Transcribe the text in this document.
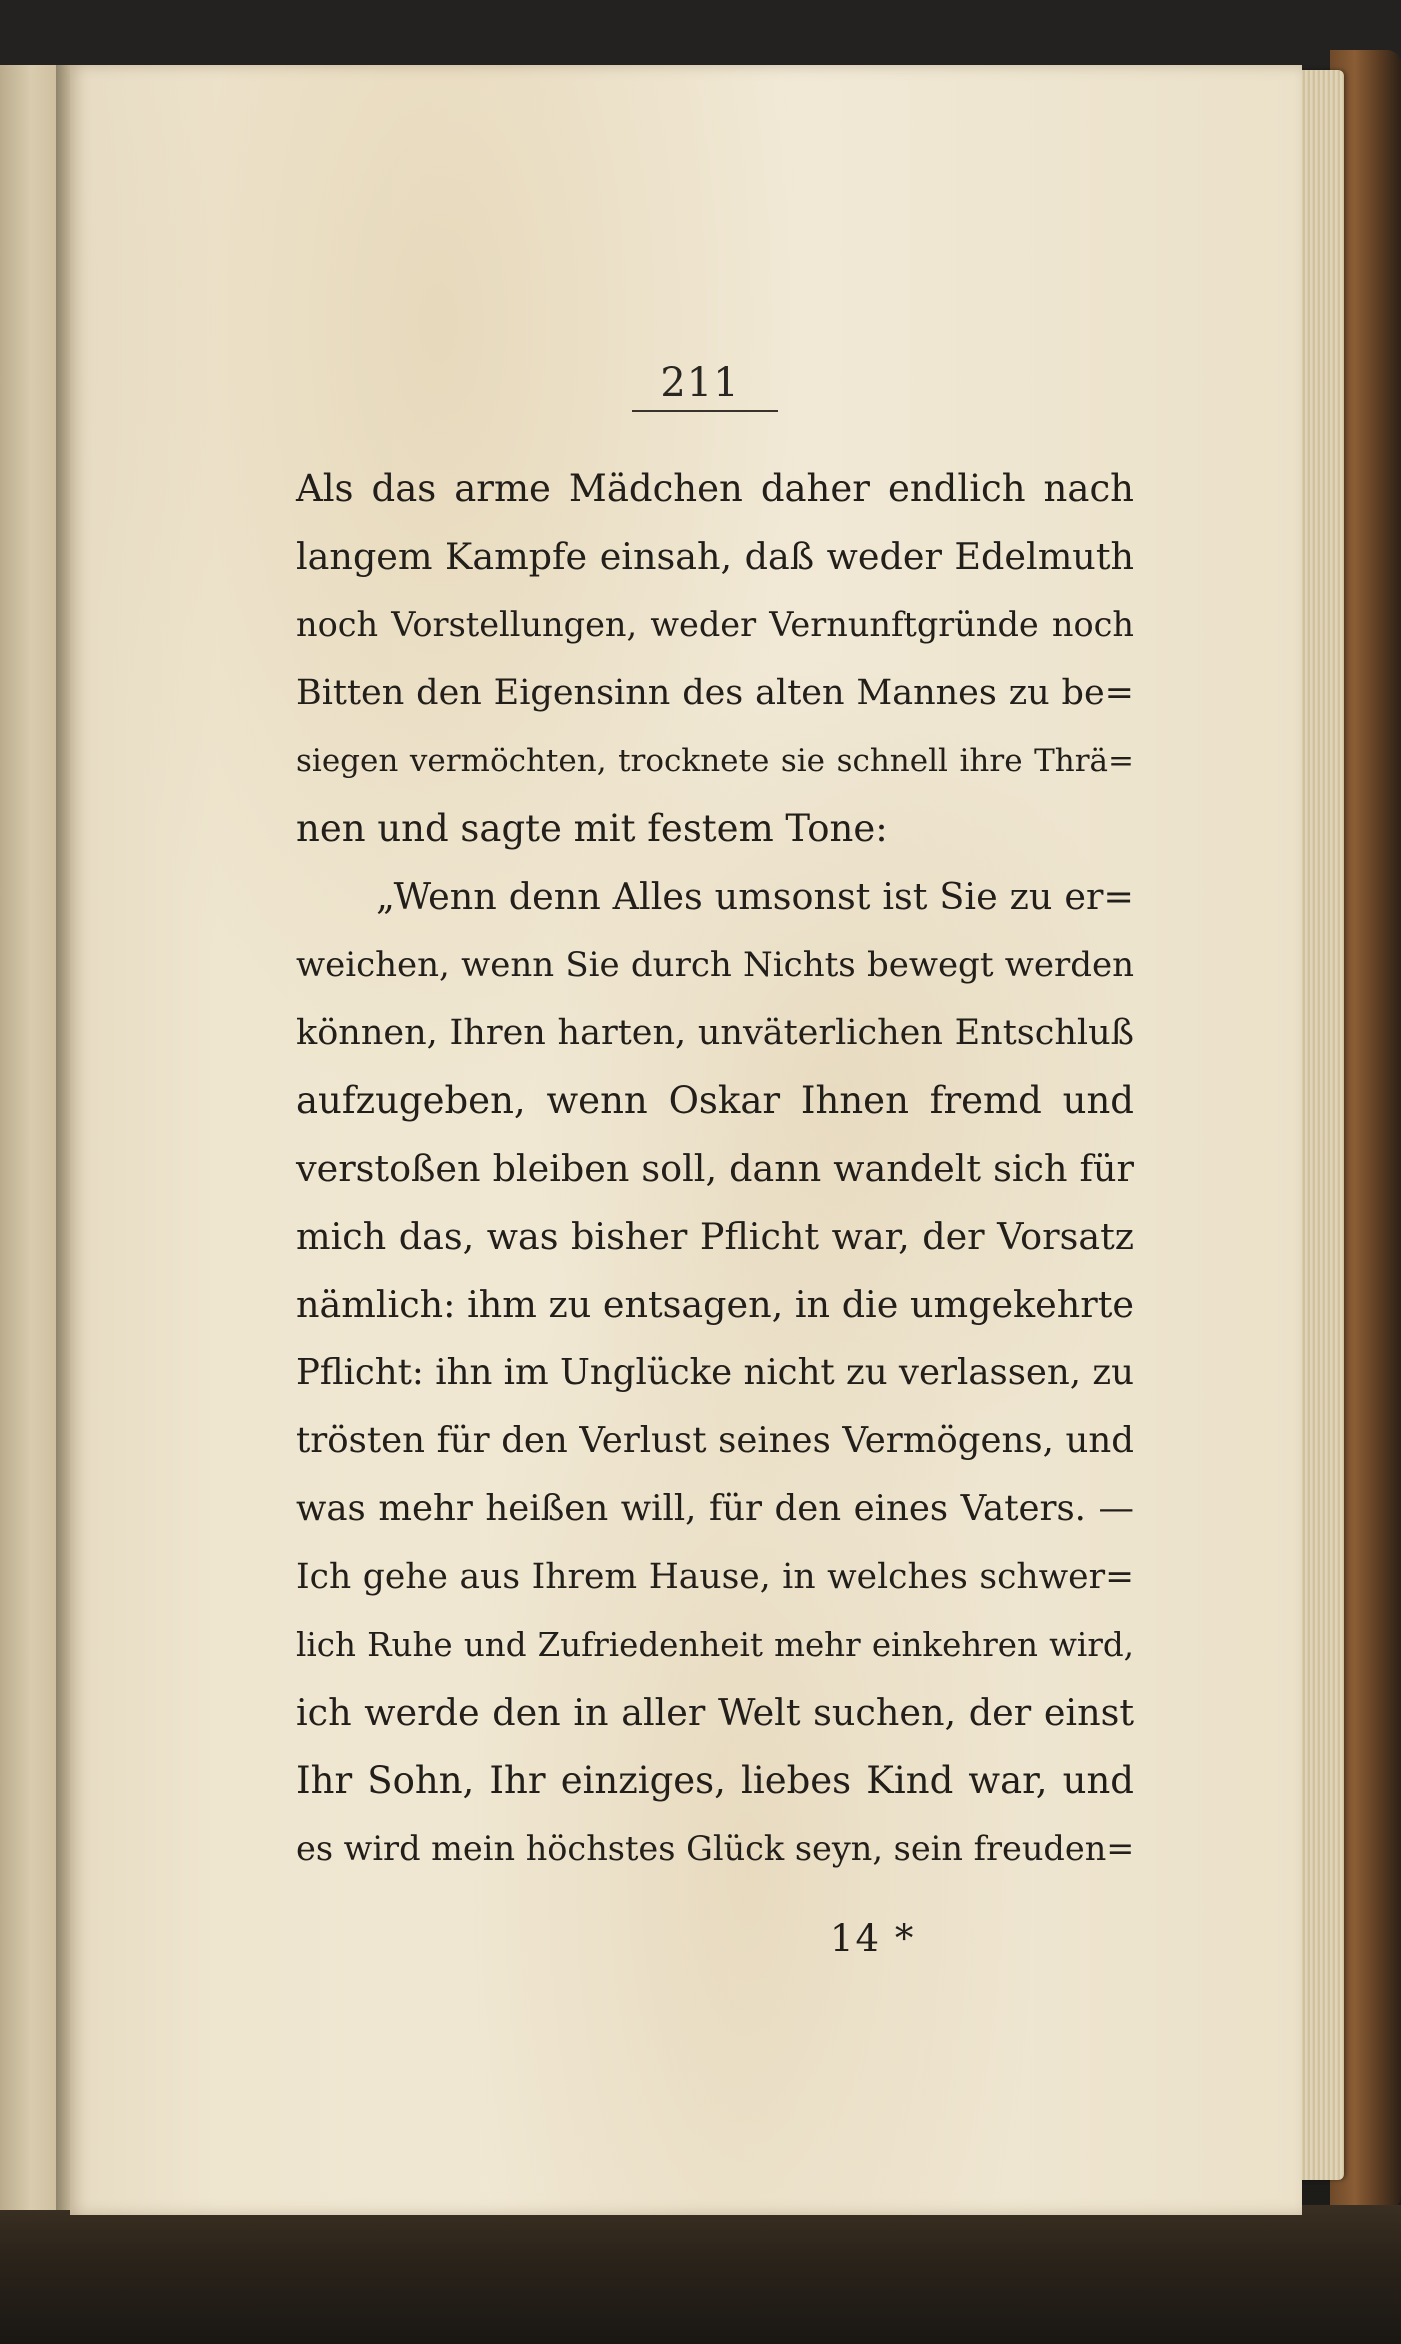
211
Als das arme Mädchen daher endlich nach
langem Kampfe einsah, daß weder Edelmuth
noch Vorstellungen, weder Vernunftgründe noch
Bitten den Eigensinn des alten Mannes zu be=
siegen vermöchten, trocknete sie schnell ihre Thrä=
nen und sagte mit festem Tone:
„Wenn denn Alles umsonst ist Sie zu er=
weichen, wenn Sie durch Nichts bewegt werden
können, Ihren harten, unväterlichen Entschluß
aufzugeben, wenn Oskar Ihnen fremd und
verstoßen bleiben soll, dann wandelt sich für
mich das, was bisher Pflicht war, der Vorsatz
nämlich: ihm zu entsagen, in die umgekehrte
Pflicht: ihn im Unglücke nicht zu verlassen, zu
trösten für den Verlust seines Vermögens, und
was mehr heißen will, für den eines Vaters. —
Ich gehe aus Ihrem Hause, in welches schwer=
lich Ruhe und Zufriedenheit mehr einkehren wird,
ich werde den in aller Welt suchen, der einst
Ihr Sohn, Ihr einziges, liebes Kind war, und
es wird mein höchstes Glück seyn, sein freuden=
14 *
